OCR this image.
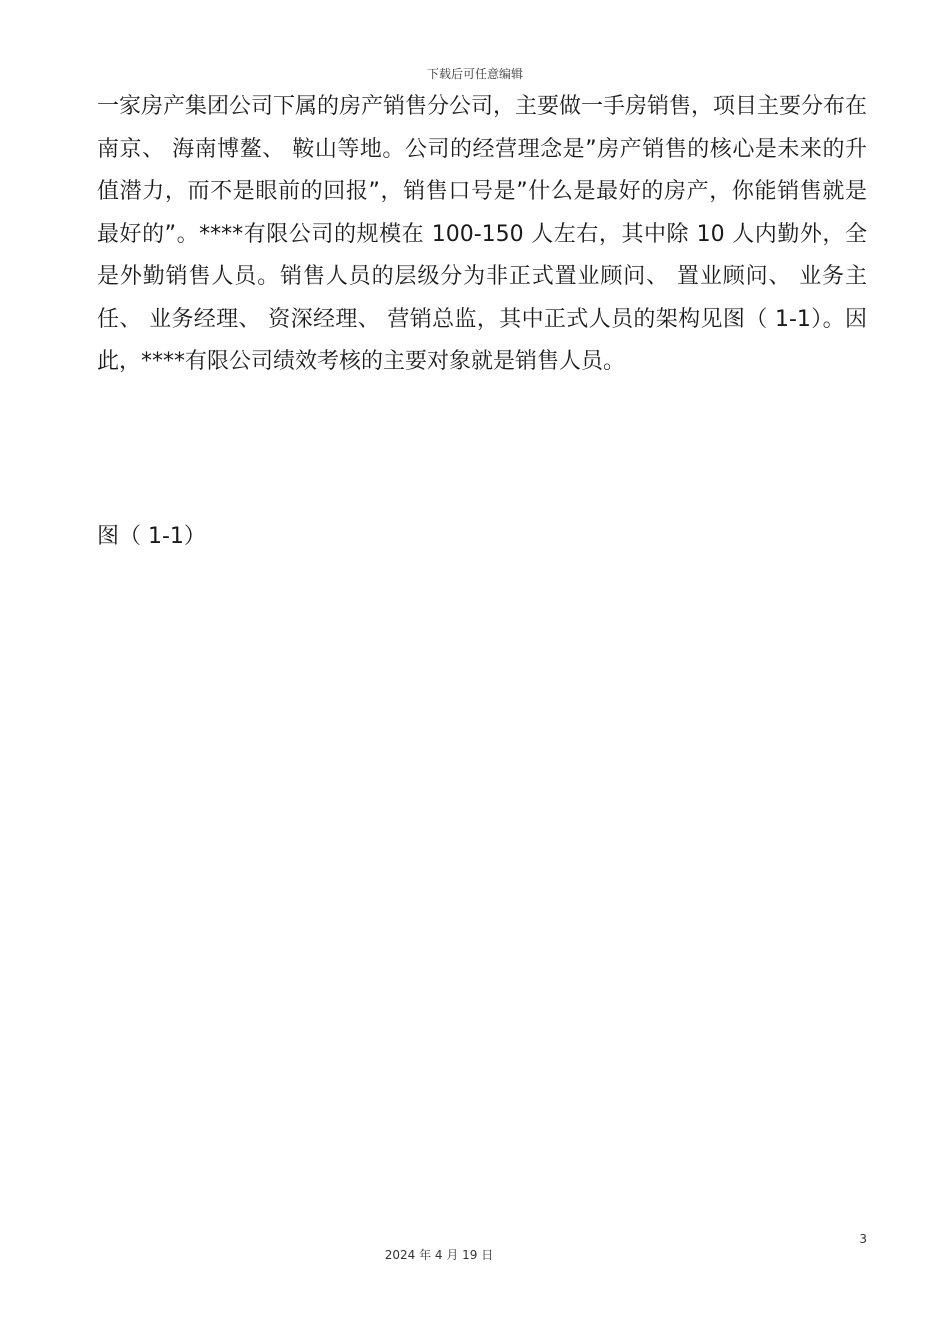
下载后可任意编辑

一家房产集团公司下属的房产销售分公司，主要做一手房销售，项目主要分布在南京、 海南博鳌、 鞍山等地。公司的经营理念是”房产销售的核心是未来的升值潜力，而不是眼前的回报”，销售口号是”什么是最好的房产，你能销售就是最好的”。****有限公司的规模在 100-150 人左右，其中除 10 人内勤外，全是外勤销售人员。销售人员的层级分为非正式置业顾问、 置业顾问、 业务主任、 业务经理、 资深经理、 营销总监，其中正式人员的架构见图（ 1-1）。因此，****有限公司绩效考核的主要对象就是销售人员。

图（ 1-1）
3
2024 年 4 月 19 日
